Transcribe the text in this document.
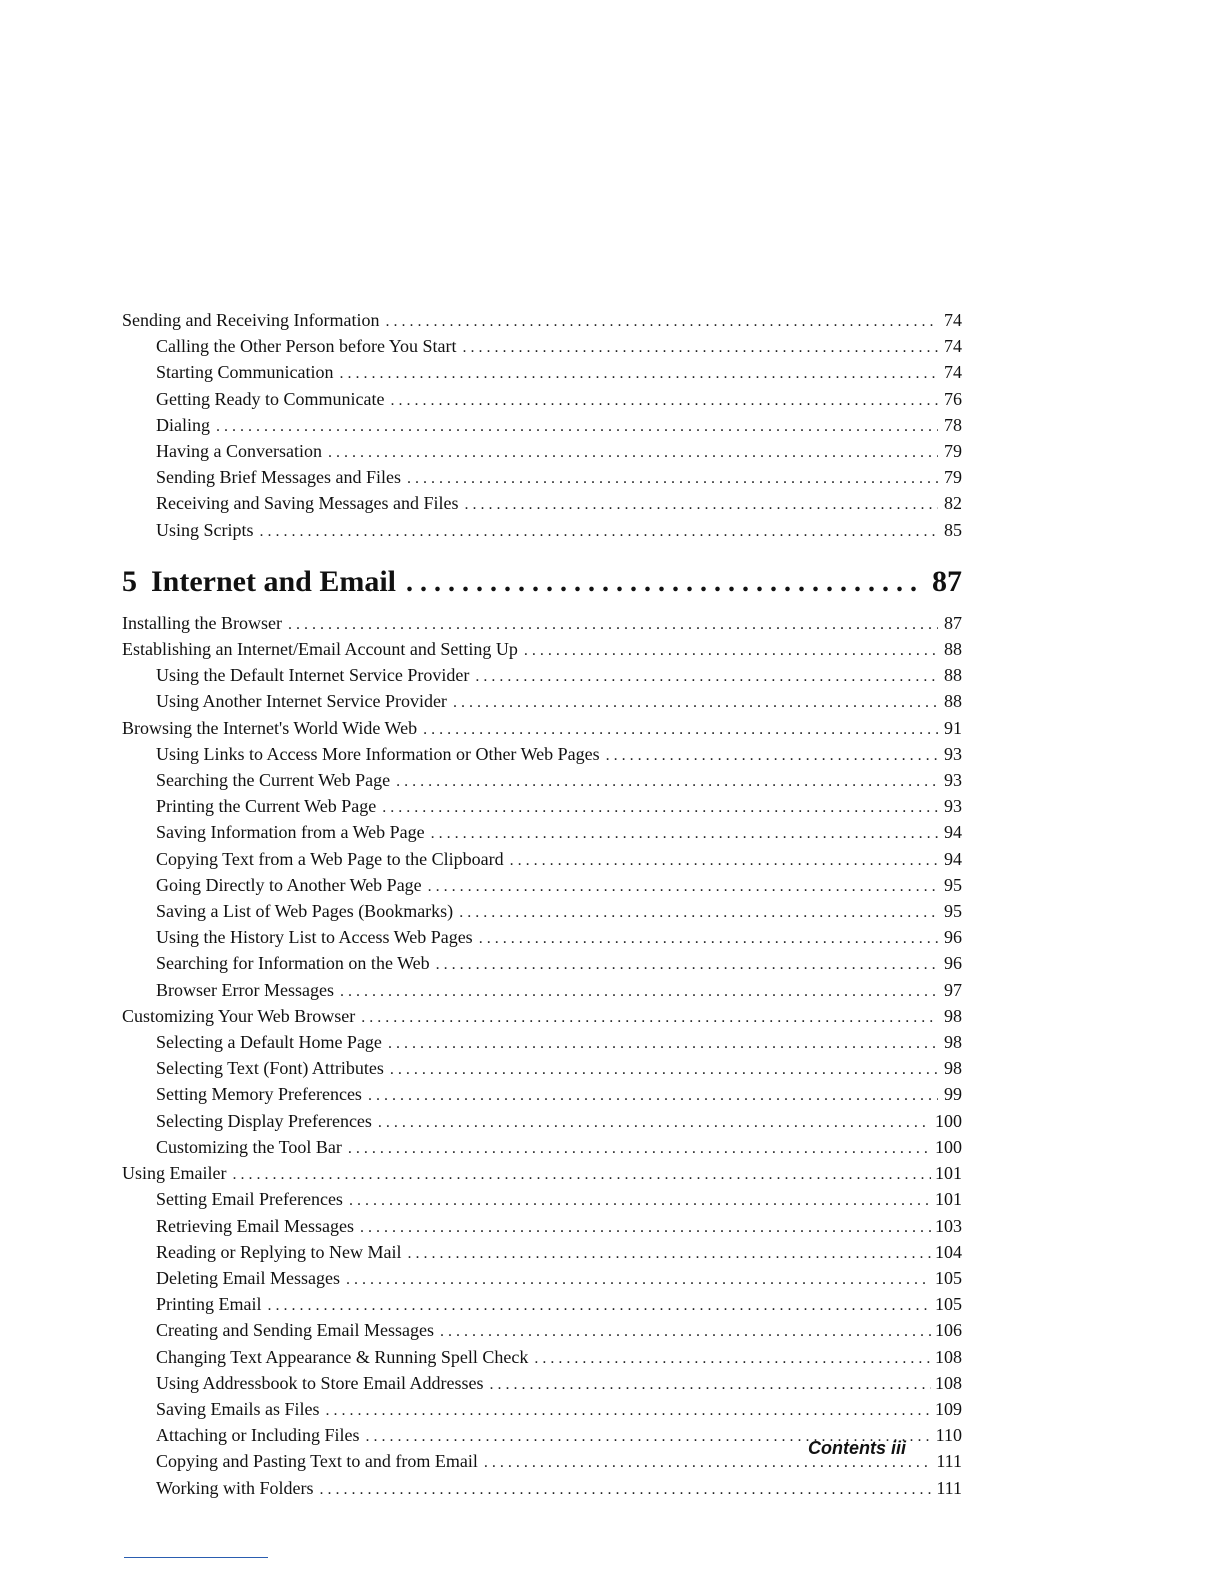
Sending and Receiving Information . . .	74
Calling the Other Person before You Start . . .	74
Starting Communication . . .	74
Getting Ready to Communicate . . .	76
Dialing . . .	78
Having a Conversation . . .	79
Sending Brief Messages and Files . . .	79
Receiving and Saving Messages and Files . . .	82
Using Scripts . . .	85
5 Internet and Email . . .	87
Installing the Browser . . .	87
Establishing an Internet/Email Account and Setting Up . . .	88
Using the Default Internet Service Provider . . .	88
Using Another Internet Service Provider . . .	88
Browsing the Internet's World Wide Web . . .	91
Using Links to Access More Information or Other Web Pages . . .	93
Searching the Current Web Page . . .	93
Printing the Current Web Page . . .	93
Saving Information from a Web Page . . .	94
Copying Text from a Web Page to the Clipboard . . .	94
Going Directly to Another Web Page . . .	95
Saving a List of Web Pages (Bookmarks) . . .	95
Using the History List to Access Web Pages . . .	96
Searching for Information on the Web . . .	96
Browser Error Messages . . .	97
Customizing Your Web Browser . . .	98
Selecting a Default Home Page . . .	98
Selecting Text (Font) Attributes . . .	98
Setting Memory Preferences . . .	99
Selecting Display Preferences . . .	100
Customizing the Tool Bar . . .	100
Using Emailer . . .	101
Setting Email Preferences . . .	101
Retrieving Email Messages . . .	103
Reading or Replying to New Mail . . .	104
Deleting Email Messages . . .	105
Printing Email . . .	105
Creating and Sending Email Messages . . .	106
Changing Text Appearance & Running Spell Check . . .	108
Using Addressbook to Store Email Addresses . . .	108
Saving Emails as Files . . .	109
Attaching or Including Files . . .	110
Copying and Pasting Text to and from Email . . .	111
Working with Folders . . .	111
Contents iii
